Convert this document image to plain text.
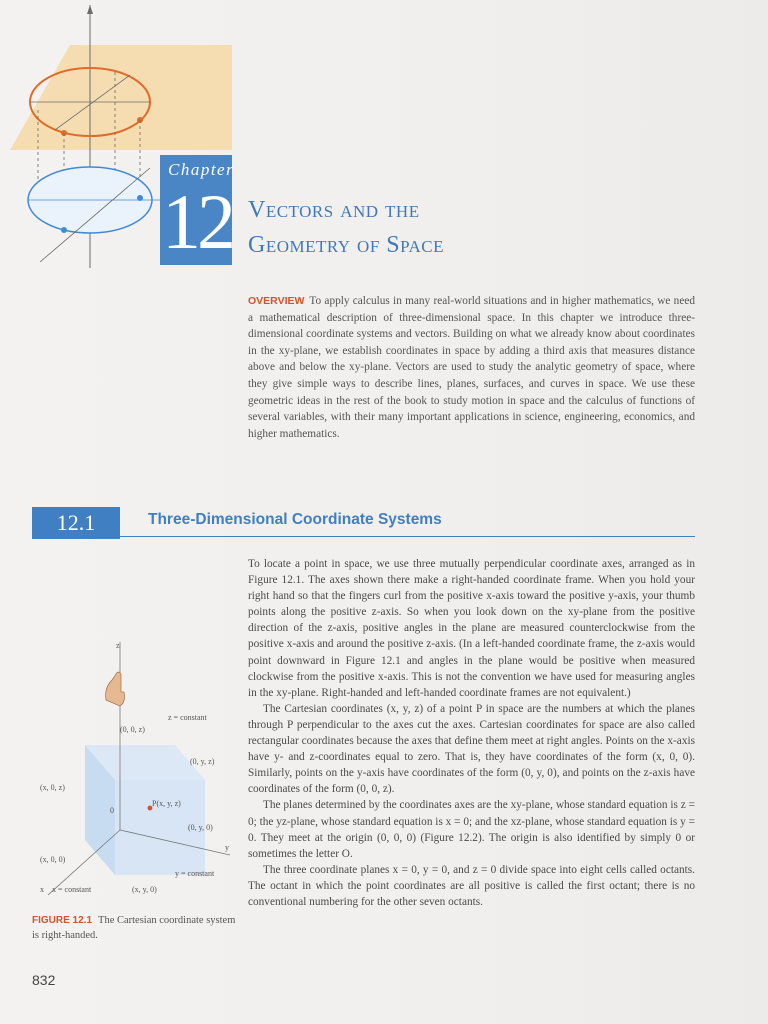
Chapter
12 Vectors and the
Geometry of Space
OVERVIEW To apply calculus in many real-world situations and in higher mathematics, we need a mathematical description of three-dimensional space. In this chapter we introduce three-dimensional coordinate systems and vectors. Building on what we already know about coordinates in the xy-plane, we establish coordinates in space by adding a third axis that measures distance above and below the xy-plane. Vectors are used to study the analytic geometry of space, where they give simple ways to describe lines, planes, surfaces, and curves in space. We use these geometric ideas in the rest of the book to study motion in space and the calculus of functions of several variables, with their many important applications in science, engineering, economics, and higher mathematics.
12.1	Three-Dimensional Coordinate Systems

To locate a point in space, we use three mutually perpendicular coordinate axes, arranged as in Figure 12.1. The axes shown there make a right-handed coordinate frame. When you hold your right hand so that the fingers curl from the positive x-axis toward the positive y-axis, your thumb points along the positive z-axis. So when you look down on the xy-plane from the positive direction of the z-axis, positive angles in the plane are measured counterclockwise from the positive x-axis and around the positive z-axis. (In a left-handed coordinate frame, the z-axis would point downward in Figure 12.1 and angles in the plane would be positive when measured clockwise from the positive x-axis. This is not the convention we have used for measuring angles in the xy-plane. Right-handed and left-handed coordinate frames are not equivalent.)

The Cartesian coordinates (x, y, z) of a point P in space are the numbers at which the planes through P perpendicular to the axes cut the axes. Cartesian coordinates for space are also called rectangular coordinates because the axes that define them meet at right angles. Points on the x-axis have y- and z-coordinates equal to zero. That is, they have coordinates of the form (x, 0, 0). Similarly, points on the y-axis have coordinates of the form (0, y, 0), and points on the z-axis have coordinates of the form (0, 0, z).

The planes determined by the coordinates axes are the xy-plane, whose standard equation is z = 0; the yz-plane, whose standard equation is x = 0; and the xz-plane, whose standard equation is y = 0. They meet at the origin (0, 0, 0) (Figure 12.2). The origin is also identified by simply 0 or sometimes the letter O.

The three coordinate planes x = 0, y = 0, and z = 0 divide space into eight cells called octants. The octant in which the point coordinates are all positive is called the first octant; there is no conventional numbering for the other seven octants.

z
z = constant
(0, 0, z)
(0, y, z)
(x, 0, z)
0
P(x, y, z)
(0, y, 0)
y
(x, 0, 0)
y = constant
x x = constant	(x, y, 0)
FIGURE 12.1 The Cartesian coordinate system is right-handed.
832
